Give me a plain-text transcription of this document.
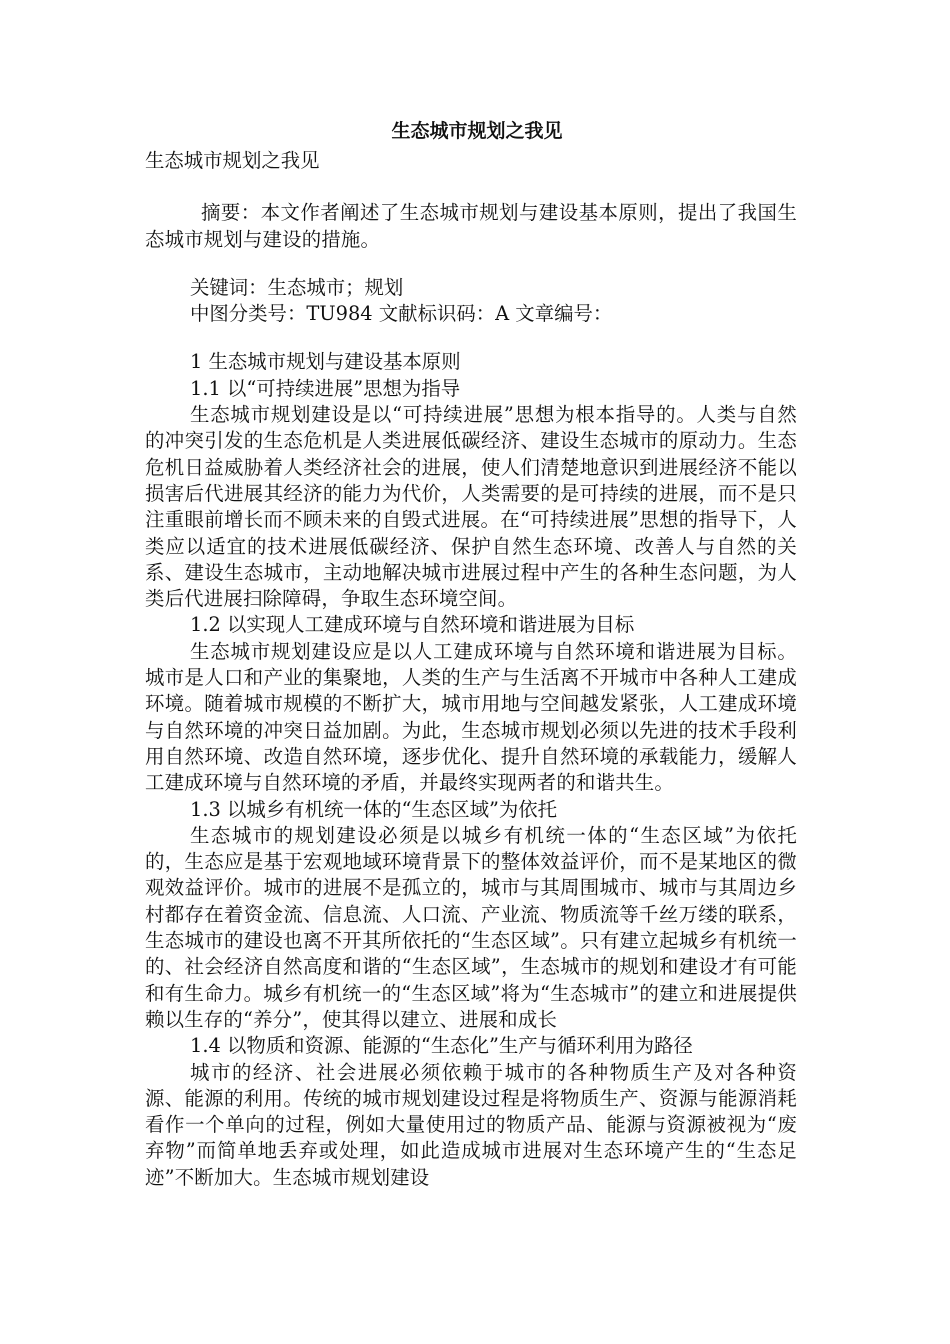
生态城市规划之我见

生态城市规划之我见

摘要：本文作者阐述了生态城市规划与建设基本原则，提出了我国生态城市规划与建设的措施。

关键词：生态城市；规划

中图分类号：TU984 文献标识码：A 文章编号：

1 生态城市规划与建设基本原则

1.1 以“可持续进展”思想为指导

生态城市规划建设是以“可持续进展”思想为根本指导的。人类与自然的冲突引发的生态危机是人类进展低碳经济、建设生态城市的原动力。生态危机日益威胁着人类经济社会的进展，使人们清楚地意识到进展经济不能以损害后代进展其经济的能力为代价，人类需要的是可持续的进展，而不是只注重眼前增长而不顾未来的自毁式进展。在“可持续进展”思想的指导下，人类应以适宜的技术进展低碳经济、保护自然生态环境、改善人与自然的关系、建设生态城市，主动地解决城市进展过程中产生的各种生态问题，为人类后代进展扫除障碍，争取生态环境空间。

1.2 以实现人工建成环境与自然环境和谐进展为目标

生态城市规划建设应是以人工建成环境与自然环境和谐进展为目标。城市是人口和产业的集聚地，人类的生产与生活离不开城市中各种人工建成环境。随着城市规模的不断扩大，城市用地与空间越发紧张，人工建成环境与自然环境的冲突日益加剧。为此，生态城市规划必须以先进的技术手段利用自然环境、改造自然环境，逐步优化、提升自然环境的承载能力，缓解人工建成环境与自然环境的矛盾，并最终实现两者的和谐共生。

1.3 以城乡有机统一体的“生态区域”为依托

生态城市的规划建设必须是以城乡有机统一体的“生态区域”为依托的，生态应是基于宏观地域环境背景下的整体效益评价，而不是某地区的微观效益评价。城市的进展不是孤立的，城市与其周围城市、城市与其周边乡村都存在着资金流、信息流、人口流、产业流、物质流等千丝万缕的联系，生态城市的建设也离不开其所依托的“生态区域”。只有建立起城乡有机统一的、社会经济自然高度和谐的“生态区域”，生态城市的规划和建设才有可能和有生命力。城乡有机统一的“生态区域”将为“生态城市”的建立和进展提供赖以生存的“养分”，使其得以建立、进展和成长

1.4 以物质和资源、能源的“生态化”生产与循环利用为路径

城市的经济、社会进展必须依赖于城市的各种物质生产及对各种资源、能源的利用。传统的城市规划建设过程是将物质生产、资源与能源消耗看作一个单向的过程，例如大量使用过的物质产品、能源与资源被视为“废弃物”而简单地丢弃或处理，如此造成城市进展对生态环境产生的“生态足迹”不断加大。生态城市规划建设
